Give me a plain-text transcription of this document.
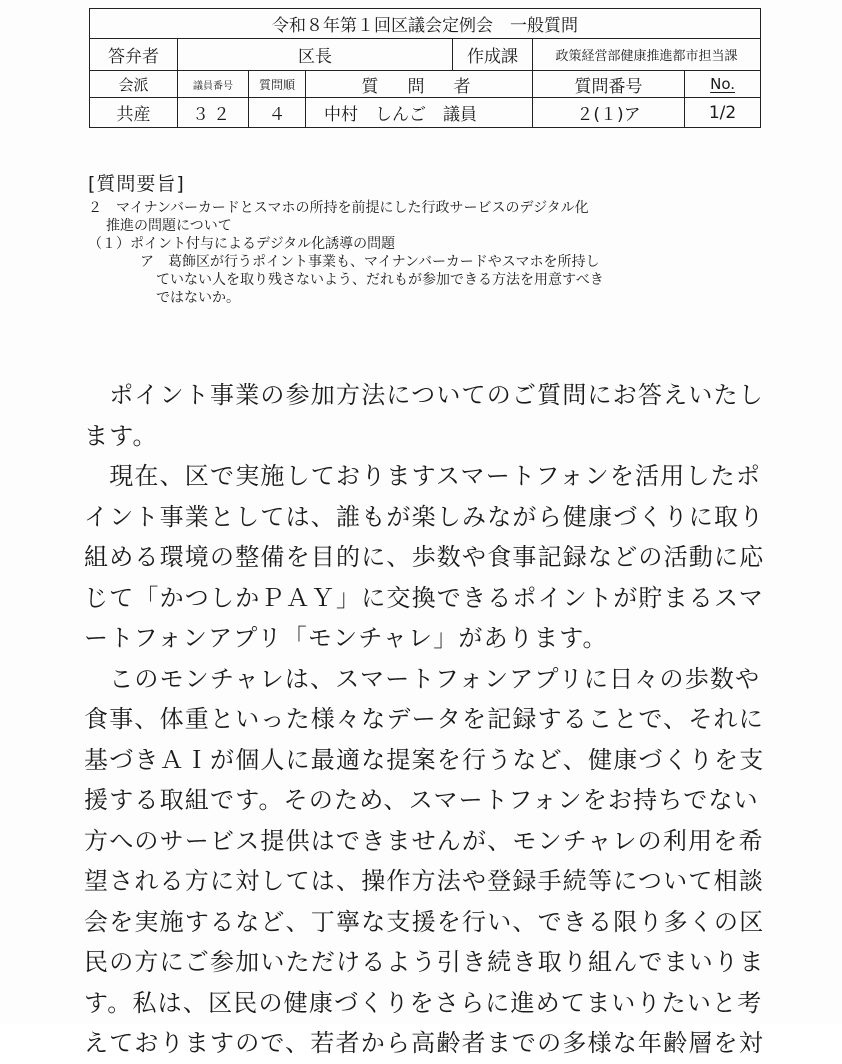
令和８年第１回区議会定例会　一般質問						
答弁者	区長			作成課	政策経営部健康推進都市担当課	
会派	議員番号	質問順	質　問　者		質問番号	No.
共産	３２	４	中村　しんご　議員		２(１)ア	1/2
[質問要旨]
２　マイナンバーカードとスマホの所持を前提にした行政サービスのデジタル化
推進の問題について
（１）ポイント付与によるデジタル化誘導の問題
ア　葛飾区が行うポイント事業も、マイナンバーカードやスマホを所持し
ていない人を取り残さないよう、だれもが参加できる方法を用意すべき
ではないか。
　ポイント事業の参加方法についてのご質問にお答えいたし
ます。
　現在、区で実施しておりますスマートフォンを活用したポ
イント事業としては、誰もが楽しみながら健康づくりに取り
組める環境の整備を目的に、歩数や食事記録などの活動に応
じて「かつしかＰＡＹ」に交換できるポイントが貯まるスマ
ートフォンアプリ「モンチャレ」があります。
　このモンチャレは、スマートフォンアプリに日々の歩数や
食事、体重といった様々なデータを記録することで、それに
基づきＡＩが個人に最適な提案を行うなど、健康づくりを支
援する取組です。そのため、スマートフォンをお持ちでない
方へのサービス提供はできませんが、モンチャレの利用を希
望される方に対しては、操作方法や登録手続等について相談
会を実施するなど、丁寧な支援を行い、できる限り多くの区
民の方にご参加いただけるよう引き続き取り組んでまいりま
す。私は、区民の健康づくりをさらに進めてまいりたいと考
えておりますので、若者から高齢者までの多様な年齢層を対
